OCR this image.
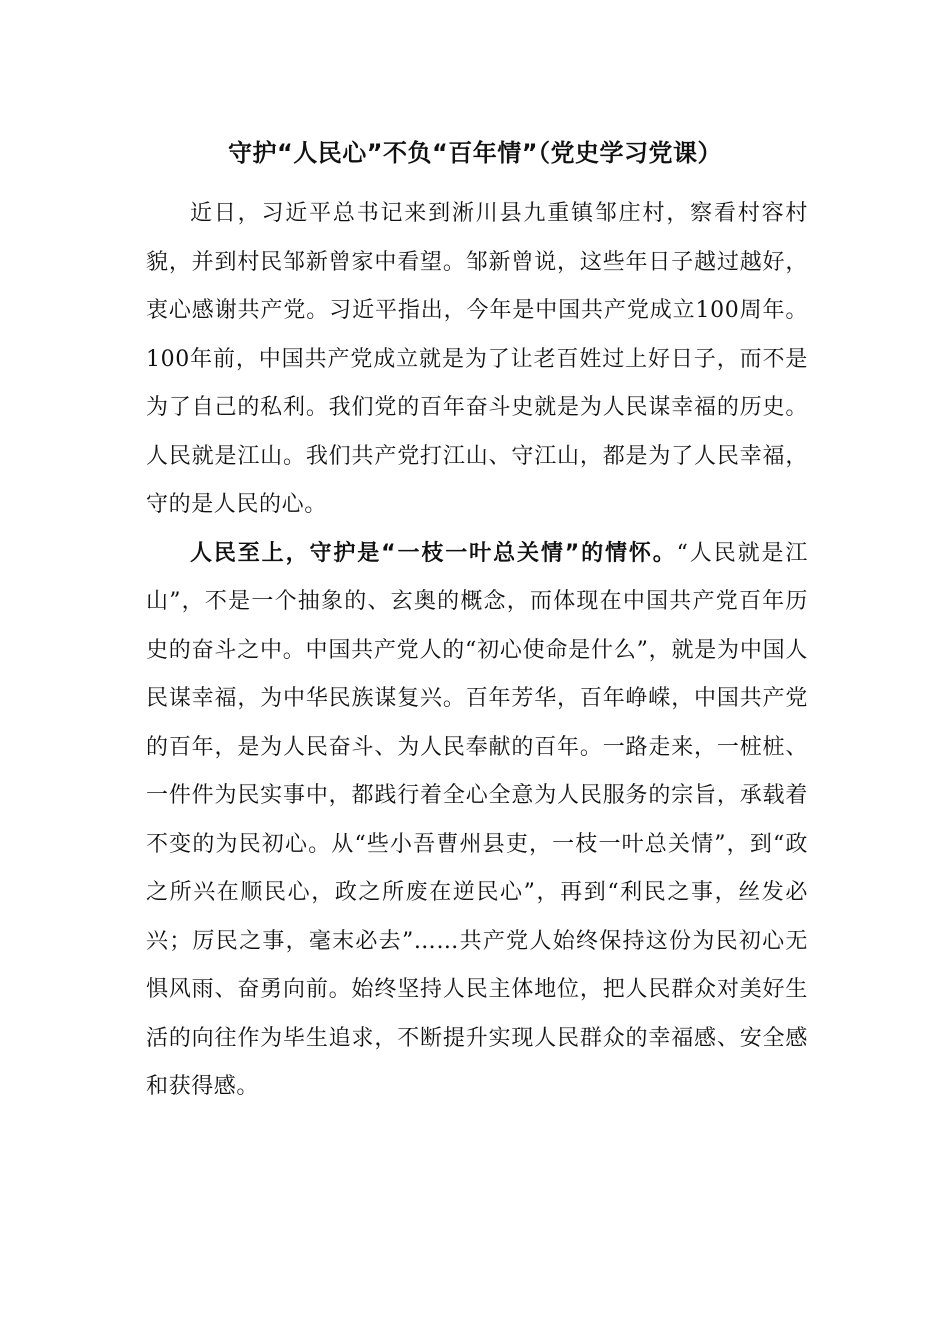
守护“人民心”不负“百年情”（党史学习党课）

近日，习近平总书记来到淅川县九重镇邹庄村，察看村容村貌，并到村民邹新曾家中看望。邹新曾说，这些年日子越过越好，衷心感谢共产党。习近平指出，今年是中国共产党成立100周年。100年前，中国共产党成立就是为了让老百姓过上好日子，而不是为了自己的私利。我们党的百年奋斗史就是为人民谋幸福的历史。人民就是江山。我们共产党打江山、守江山，都是为了人民幸福，守的是人民的心。

人民至上，守护是“一枝一叶总关情”的情怀。“人民就是江山”，不是一个抽象的、玄奥的概念，而体现在中国共产党百年历史的奋斗之中。中国共产党人的“初心使命是什么”，就是为中国人民谋幸福，为中华民族谋复兴。百年芳华，百年峥嵘，中国共产党的百年，是为人民奋斗、为人民奉献的百年。一路走来，一桩桩、一件件为民实事中，都践行着全心全意为人民服务的宗旨，承载着不变的为民初心。从“些小吾曹州县吏，一枝一叶总关情”，到“政之所兴在顺民心，政之所废在逆民心”，再到“利民之事，丝发必兴；厉民之事，毫末必去”……共产党人始终保持这份为民初心无惧风雨、奋勇向前。始终坚持人民主体地位，把人民群众对美好生活的向往作为毕生追求，不断提升实现人民群众的幸福感、安全感和获得感。
